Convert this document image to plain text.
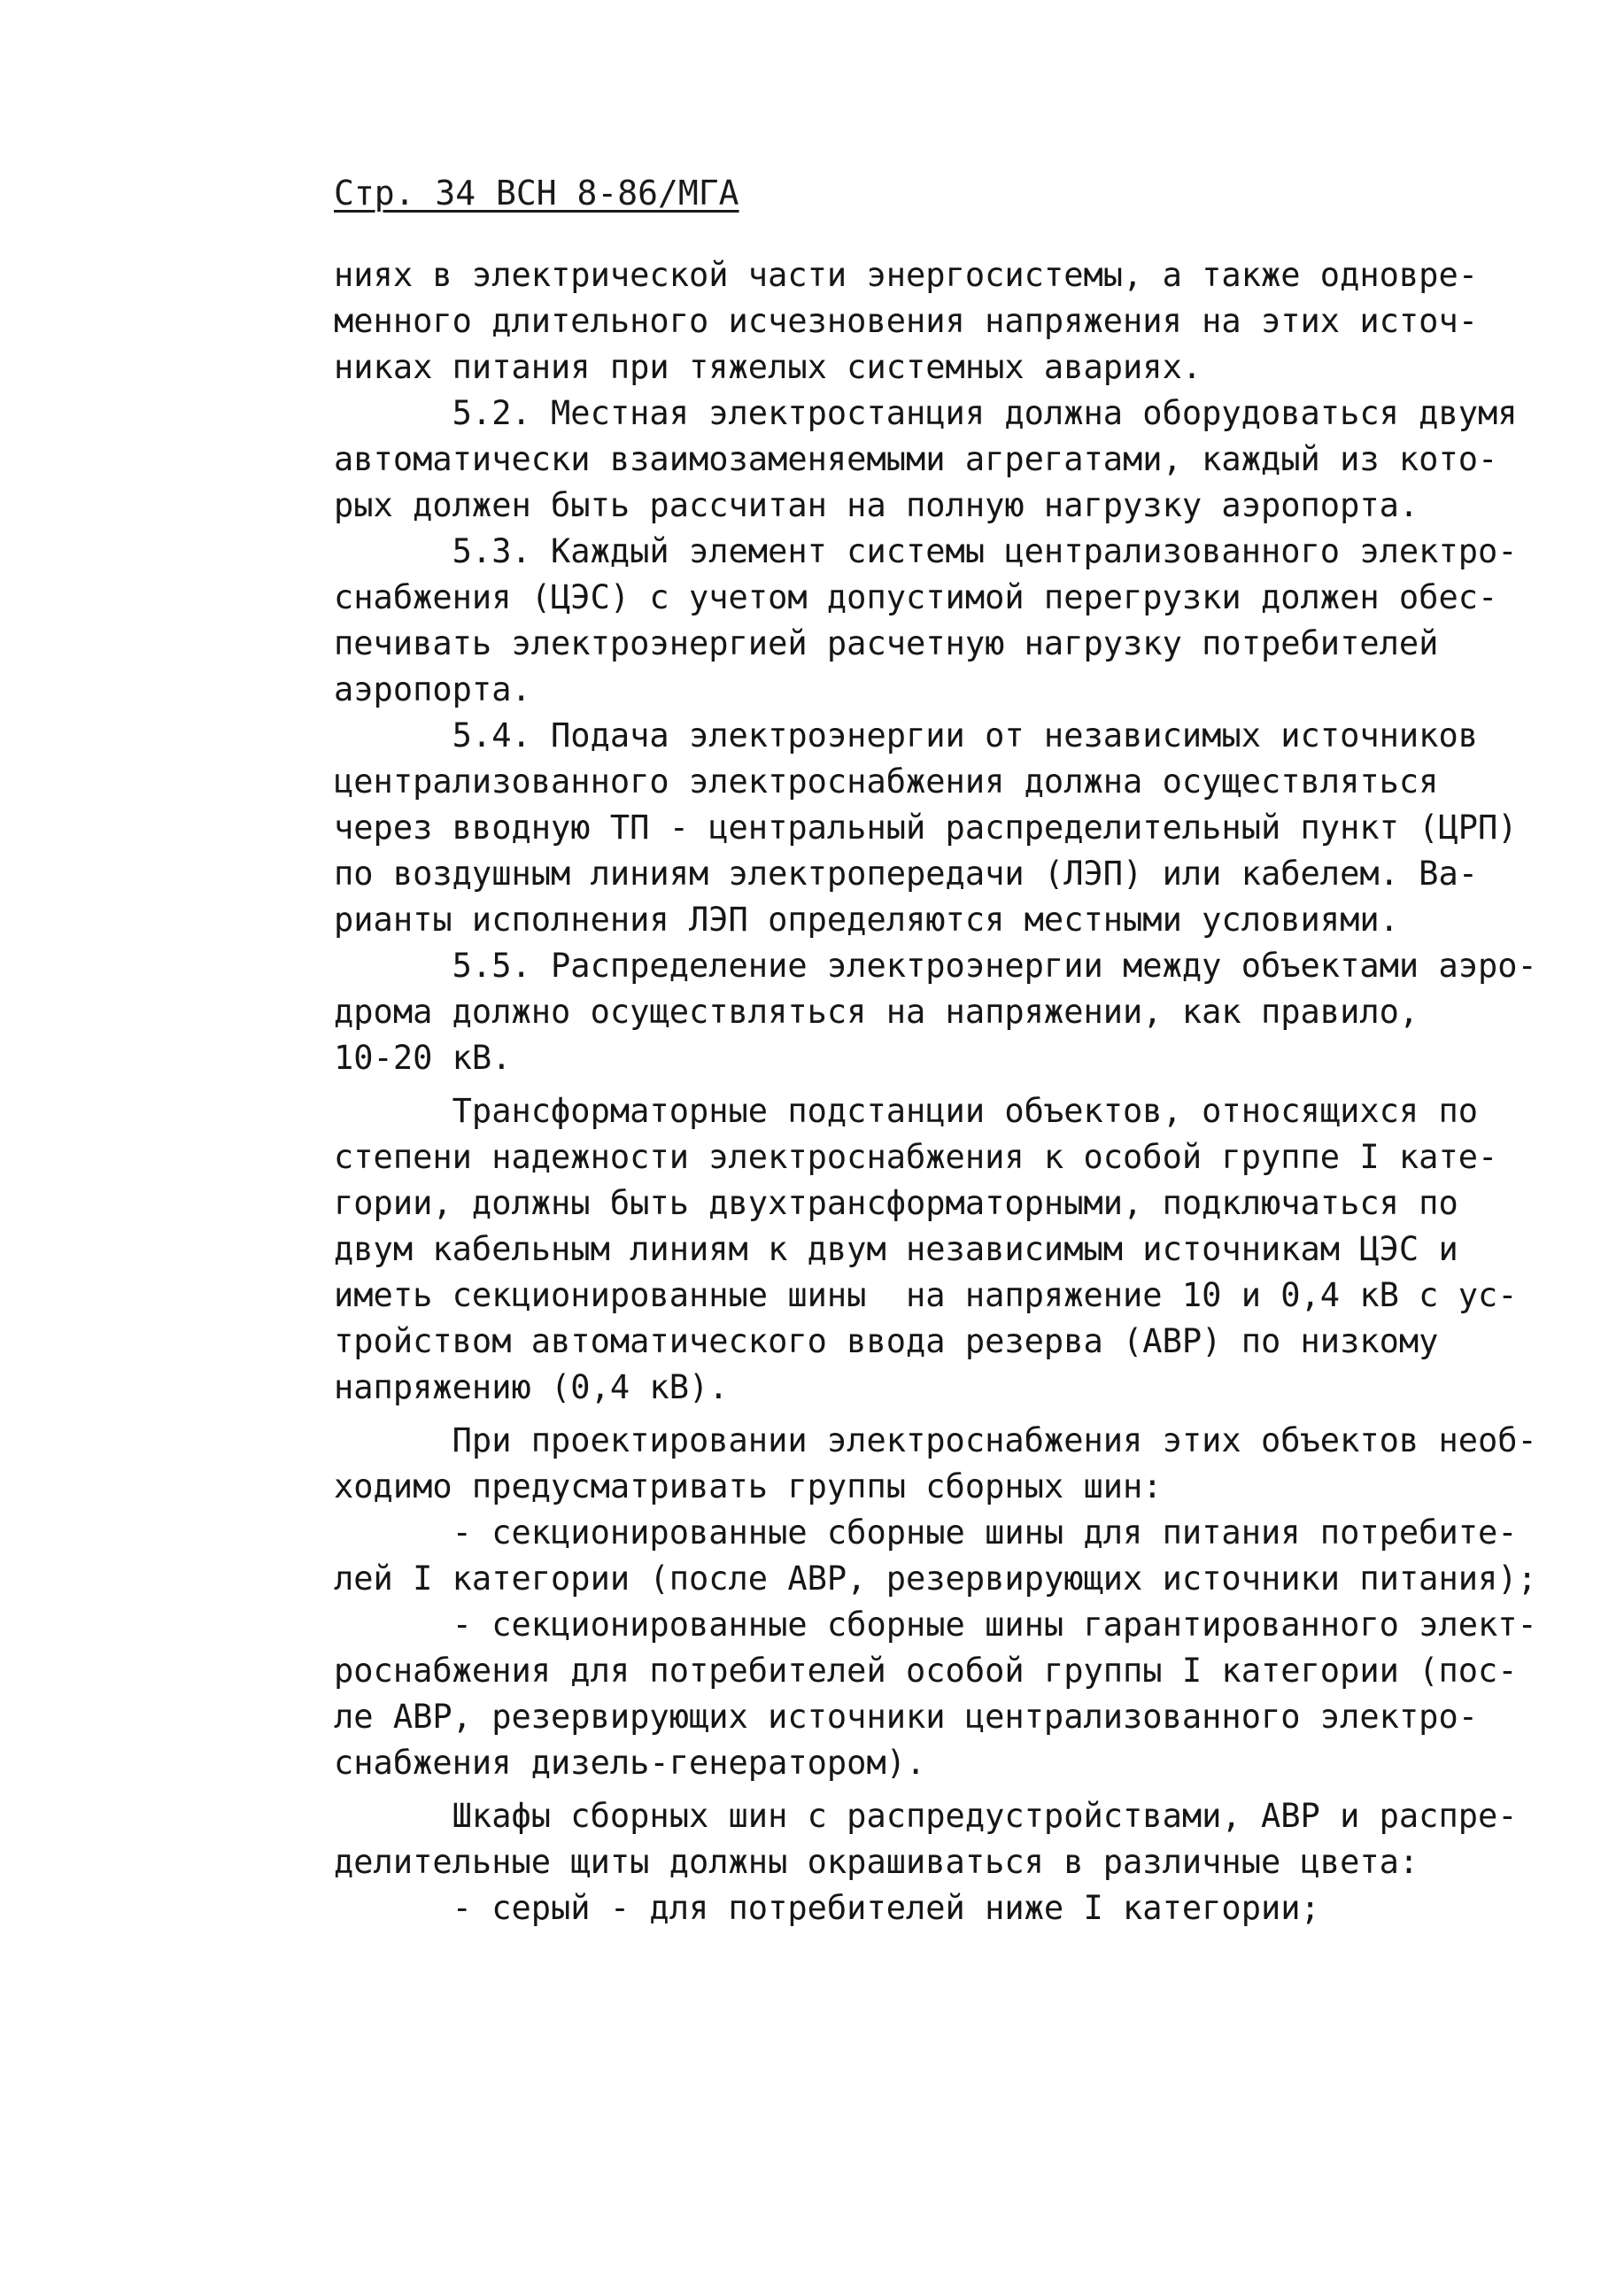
Стр. 34 ВСН 8-86/МГА
ниях в электрической части энергосистемы, а также одновре-
менного длительного исчезновения напряжения на этих источ-
никах питания при тяжелых системных авариях.
5.2. Местная электростанция должна оборудоваться двумя
автоматически взаимозаменяемыми агрегатами, каждый из кото-
рых должен быть рассчитан на полную нагрузку аэропорта.
5.3. Каждый элемент системы централизованного электро-
снабжения (ЦЭС) с учетом допустимой перегрузки должен обес-
печивать электроэнергией расчетную нагрузку потребителей
аэропорта.
5.4. Подача электроэнергии от независимых источников
централизованного электроснабжения должна осуществляться
через вводную ТП - центральный распределительный пункт (ЦРП)
по воздушным линиям электропередачи (ЛЭП) или кабелем. Ва-
рианты исполнения ЛЭП определяются местными условиями.
5.5. Распределение электроэнергии между объектами аэро-
дрома должно осуществляться на напряжении, как правило,
10-20 кВ.
Трансформаторные подстанции объектов, относящихся по
степени надежности электроснабжения к особой группе I кате-
гории, должны быть двухтрансформаторными, подключаться по
двум кабельным линиям к двум независимым источникам ЦЭС и
иметь секционированные шины  на напряжение 10 и 0,4 кВ с ус-
тройством автоматического ввода резерва (АВР) по низкому
напряжению (0,4 кВ).
При проектировании электроснабжения этих объектов необ-
ходимо предусматривать группы сборных шин:
- секционированные сборные шины для питания потребите-
лей I категории (после АВР, резервирующих источники питания);
- секционированные сборные шины гарантированного элект-
роснабжения для потребителей особой группы I категории (пос-
ле АВР, резервирующих источники централизованного электро-
снабжения дизель-генератором).
Шкафы сборных шин с распредустройствами, АВР и распре-
делительные щиты должны окрашиваться в различные цвета:
- серый - для потребителей ниже I категории;
